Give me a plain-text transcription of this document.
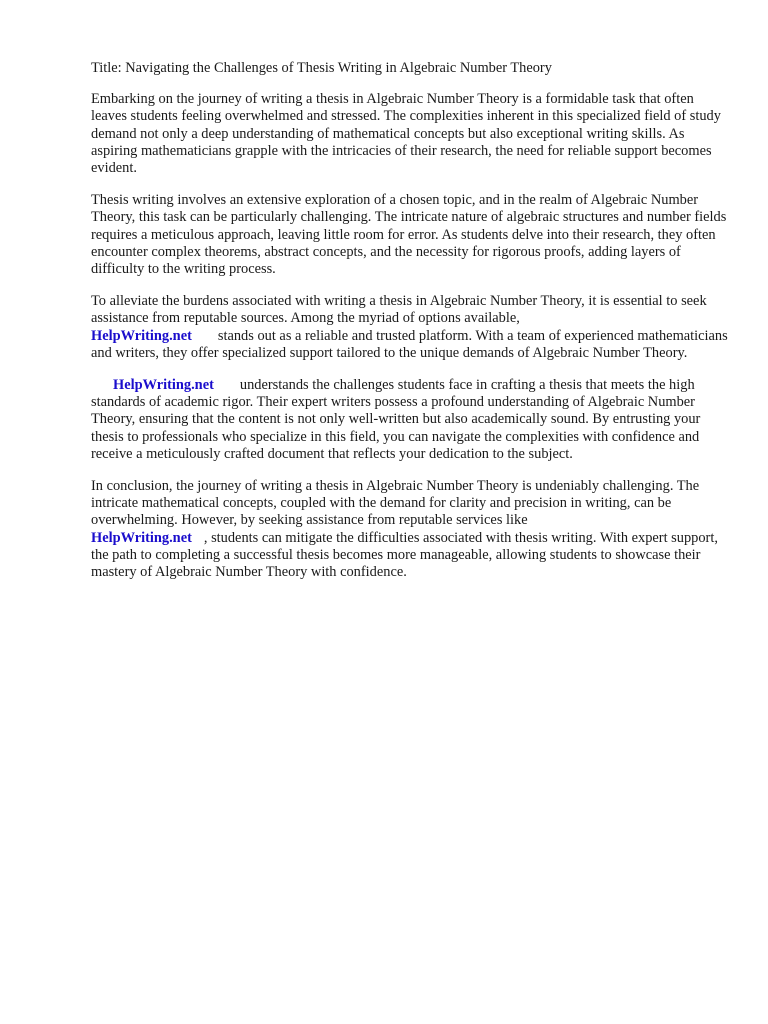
Title: Navigating the Challenges of Thesis Writing in Algebraic Number Theory

Embarking on the journey of writing a thesis in Algebraic Number Theory is a formidable task that often leaves students feeling overwhelmed and stressed. The complexities inherent in this specialized field of study demand not only a deep understanding of mathematical concepts but also exceptional writing skills. As aspiring mathematicians grapple with the intricacies of their research, the need for reliable support becomes evident.

Thesis writing involves an extensive exploration of a chosen topic, and in the realm of Algebraic Number Theory, this task can be particularly challenging. The intricate nature of algebraic structures and number fields requires a meticulous approach, leaving little room for error. As students delve into their research, they often encounter complex theorems, abstract concepts, and the necessity for rigorous proofs, adding layers of difficulty to the writing process.

To alleviate the burdens associated with writing a thesis in Algebraic Number Theory, it is essential to seek assistance from reputable sources. Among the myriad of options available,
HelpWriting.net stands out as a reliable and trusted platform. With a team of experienced mathematicians and writers, they offer specialized support tailored to the unique demands of Algebraic Number Theory.

HelpWriting.net understands the challenges students face in crafting a thesis that meets the high standards of academic rigor. Their expert writers possess a profound understanding of Algebraic Number Theory, ensuring that the content is not only well-written but also academically sound. By entrusting your thesis to professionals who specialize in this field, you can navigate the complexities with confidence and receive a meticulously crafted document that reflects your dedication to the subject.

In conclusion, the journey of writing a thesis in Algebraic Number Theory is undeniably challenging. The intricate mathematical concepts, coupled with the demand for clarity and precision in writing, can be overwhelming. However, by seeking assistance from reputable services like
HelpWriting.net , students can mitigate the difficulties associated with thesis writing. With expert support, the path to completing a successful thesis becomes more manageable, allowing students to showcase their mastery of Algebraic Number Theory with confidence.
